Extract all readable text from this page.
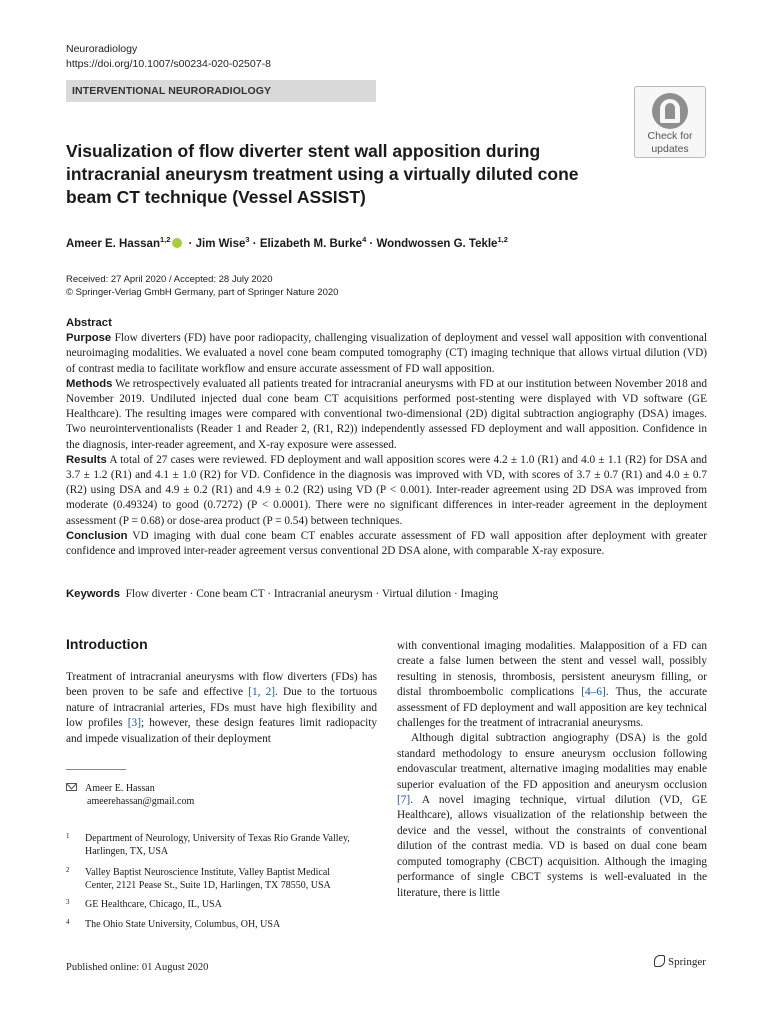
Neuroradiology
https://doi.org/10.1007/s00234-020-02507-8
INTERVENTIONAL NEURORADIOLOGY
Check for
updates
Visualization of flow diverter stent wall apposition during intracranial aneurysm treatment using a virtually diluted cone beam CT technique (Vessel ASSIST)
Ameer E. Hassan$^{1,2}$ · Jim Wise$^3$ · Elizabeth M. Burke$^4$ · Wondwossen G. Tekle$^{1,2}$
Received: 27 April 2020 / Accepted: 28 July 2020
© Springer-Verlag GmbH Germany, part of Springer Nature 2020
Abstract

Purpose Flow diverters (FD) have poor radiopacity, challenging visualization of deployment and vessel wall apposition with conventional neuroimaging modalities. We evaluated a novel cone beam computed tomography (CT) imaging technique that allows virtual dilution (VD) of contrast media to facilitate workflow and ensure accurate assessment of FD wall apposition.

Methods We retrospectively evaluated all patients treated for intracranial aneurysms with FD at our institution between November 2018 and November 2019. Undiluted injected dual cone beam CT acquisitions performed post-stenting were displayed with VD software (GE Healthcare). The resulting images were compared with conventional two-dimensional (2D) digital subtraction angiography (DSA) images. Two neurointerventionalists (Reader 1 and Reader 2, (R1, R2)) independently assessed FD deployment and wall apposition. Confidence in the diagnosis, inter-reader agreement, and X-ray exposure were assessed.

Results A total of 27 cases were reviewed. FD deployment and wall apposition scores were 4.2 ± 1.0 (R1) and 4.0 ± 1.1 (R2) for DSA and 3.7 ± 1.2 (R1) and 4.1 ± 1.0 (R2) for VD. Confidence in the diagnosis was improved with VD, with scores of 3.7 ± 0.7 (R1) and 4.0 ± 0.7 (R2) using DSA and 4.9 ± 0.2 (R1) and 4.9 ± 0.2 (R2) using VD (P < 0.001). Inter-reader agreement using 2D DSA was improved from moderate (0.49324) to good (0.7272) (P < 0.0001). There were no significant differences in inter-reader agreement in the deployment assessment (P = 0.68) or dose-area product (P = 0.54) between techniques.

Conclusion VD imaging with dual cone beam CT enables accurate assessment of FD wall apposition after deployment with greater confidence and improved inter-reader agreement versus conventional 2D DSA alone, with comparable X-ray exposure.

Keywords Flow diverter · Cone beam CT · Intracranial aneurysm · Virtual dilution · Imaging
Introduction
Treatment of intracranial aneurysms with flow diverters (FDs) has been proven to be safe and effective [1, 2]. Due to the tortuous nature of intracranial arteries, FDs must have high flexibility and low profiles [3]; however, these design features limit radiopacity and impede visualization of their deployment

with conventional imaging modalities. Malapposition of a FD can create a false lumen between the stent and vessel wall, possibly resulting in stenosis, thrombosis, persistent aneurysm filling, or distal thromboembolic complications [4–6]. Thus, the accurate assessment of FD deployment and wall apposition are key technical challenges for the treatment of intracranial aneurysms.

Although digital subtraction angiography (DSA) is the gold standard methodology to ensure aneurysm occlusion following endovascular treatment, alternative imaging modalities may enable superior evaluation of the FD apposition and aneurysm occlusion [7]. A novel imaging technique, virtual dilution (VD, GE Healthcare), allows visualization of the relationship between the device and the vessel, without the constraints of conventional dilution of the contrast media. VD is based on dual cone beam computed tomography (CBCT) acquisition. Although the imaging performance of single CBCT systems is well-evaluated in the literature, there is little

Ameer E. Hassan
ameerehassan@gmail.com
1 Department of Neurology, University of Texas Rio Grande Valley,
Harlingen, TX, USA
2 Valley Baptist Neuroscience Institute, Valley Baptist Medical
Center, 2121 Pease St., Suite 1D, Harlingen, TX 78550, USA
3 GE Healthcare, Chicago, IL, USA
4 The Ohio State University, Columbus, OH, USA
Published online: 01 August 2020	Springer
